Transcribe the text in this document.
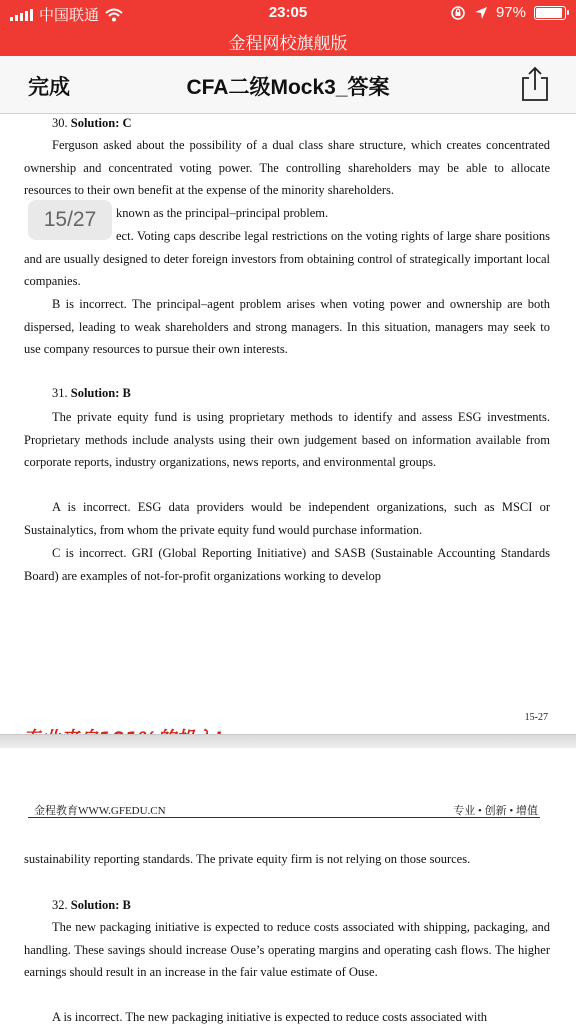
中国联通	23:05	97%
金程网校旗舰版
完成	CFA二级Mock3_答案
30. Solution: C
Ferguson asked about the possibility of a dual class share structure, which creates concentrated ownership and concentrated voting power. The controlling shareholders may be able to allocate resources to their own benefit at the expense of the minority shareholders.
known as the principal–principal problem.
ect. Voting caps describe legal restrictions on the voting rights of large share positions and are usually designed to deter foreign investors from obtaining control of strategically important local companies.
B is incorrect. The principal–agent problem arises when voting power and ownership are both dispersed, leading to weak shareholders and strong managers. In this situation, managers may seek to use company resources to pursue their own interests.
31. Solution: B
The private equity fund is using proprietary methods to identify and assess ESG investments. Proprietary methods include analysts using their own judgement based on information available from corporate reports, industry organizations, news reports, and environmental groups.
A is incorrect. ESG data providers would be independent organizations, such as MSCI or Sustainalytics, from whom the private equity fund would purchase information.
C is incorrect. GRI (Global Reporting Initiative) and SASB (Sustainable Accounting Standards Board) are examples of not-for-profit organizations working to develop
15-27
15/27
金程教育WWW.GFEDU.CN	专业 • 创新 • 增值
sustainability reporting standards. The private equity firm is not relying on those sources.
32. Solution: B
The new packaging initiative is expected to reduce costs associated with shipping, packaging, and handling. These savings should increase Ouse’s operating margins and operating cash flows. The higher earnings should result in an increase in the fair value estimate of Ouse.
A is incorrect. The new packaging initiative is expected to reduce costs associated with
